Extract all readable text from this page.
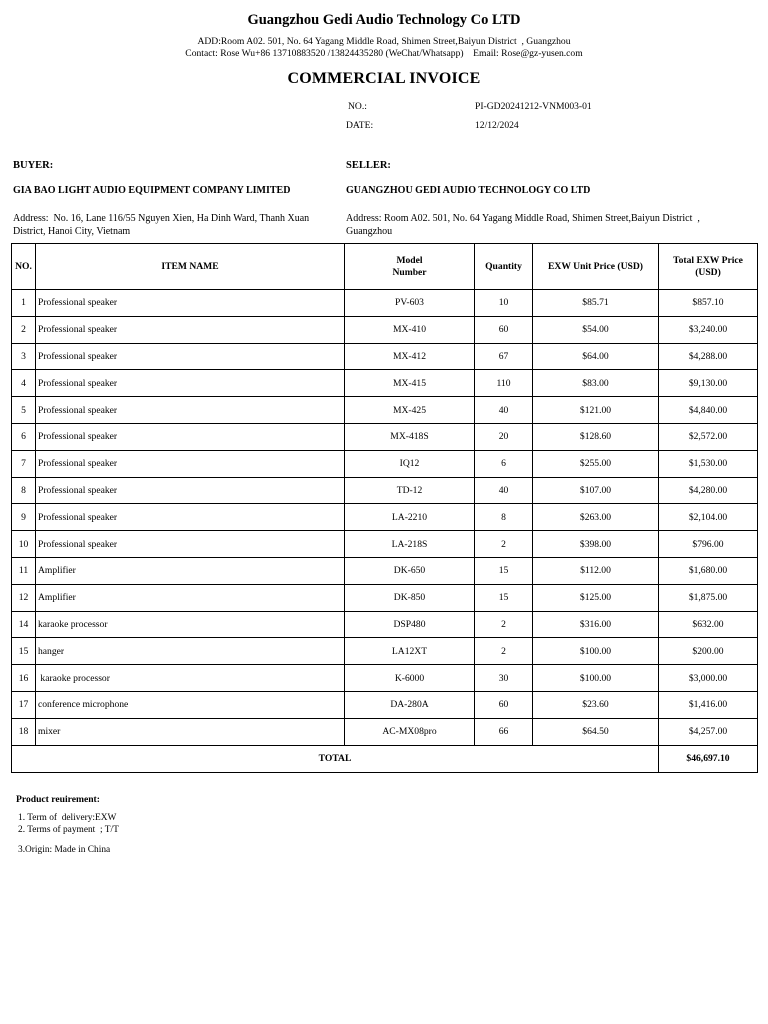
Guangzhou Gedi Audio Technology Co LTD
ADD:Room A02. 501, No. 64 Yagang Middle Road, Shimen Street,Baiyun District  , Guangzhou
Contact: Rose Wu+86 13710883520 /13824435280 (WeChat/Whatsapp)    Email: Rose@gz-yusen.com
COMMERCIAL INVOICE
NO.:	PI-GD20241212-VNM003-01
DATE:	12/12/2024
BUYER:
GIA BAO LIGHT AUDIO EQUIPMENT COMPANY LIMITED
Address:  No. 16, Lane 116/55 Nguyen Xien, Ha Dinh Ward, Thanh Xuan District, Hanoi City, Vietnam
SELLER:
GUANGZHOU GEDI AUDIO TECHNOLOGY CO LTD
Address: Room A02. 501, No. 64 Yagang Middle Road, Shimen Street,Baiyun District  , Guangzhou
NO.	ITEM NAME	Model Number	Quantity	EXW Unit Price (USD)	Total EXW Price (USD)

1	Professional speaker	PV-603	10	$85.71	$857.10
2	Professional speaker	MX-410	60	$54.00	$3,240.00
3	Professional speaker	MX-412	67	$64.00	$4,288.00
4	Professional speaker	MX-415	110	$83.00	$9,130.00
5	Professional speaker	MX-425	40	$121.00	$4,840.00
6	Professional speaker	MX-418S	20	$128.60	$2,572.00
7	Professional speaker	IQ12	6	$255.00	$1,530.00
8	Professional speaker	TD-12	40	$107.00	$4,280.00
9	Professional speaker	LA-2210	8	$263.00	$2,104.00
10	Professional speaker	LA-218S	2	$398.00	$796.00
11	Amplifier	DK-650	15	$112.00	$1,680.00
12	Amplifier	DK-850	15	$125.00	$1,875.00
14	karaoke processor	DSP480	2	$316.00	$632.00
15	hanger	LA12XT	2	$100.00	$200.00
16	karaoke processor	K-6000	30	$100.00	$3,000.00
17	conference microphone	DA-280A	60	$23.60	$1,416.00
18	mixer	AC-MX08pro	66	$64.50	$4,257.00
TOTAL					$46,697.10
Product reuirement:
1. Term of  delivery:EXW
2. Terms of payment  ; T/T
3.Origin: Made in China
